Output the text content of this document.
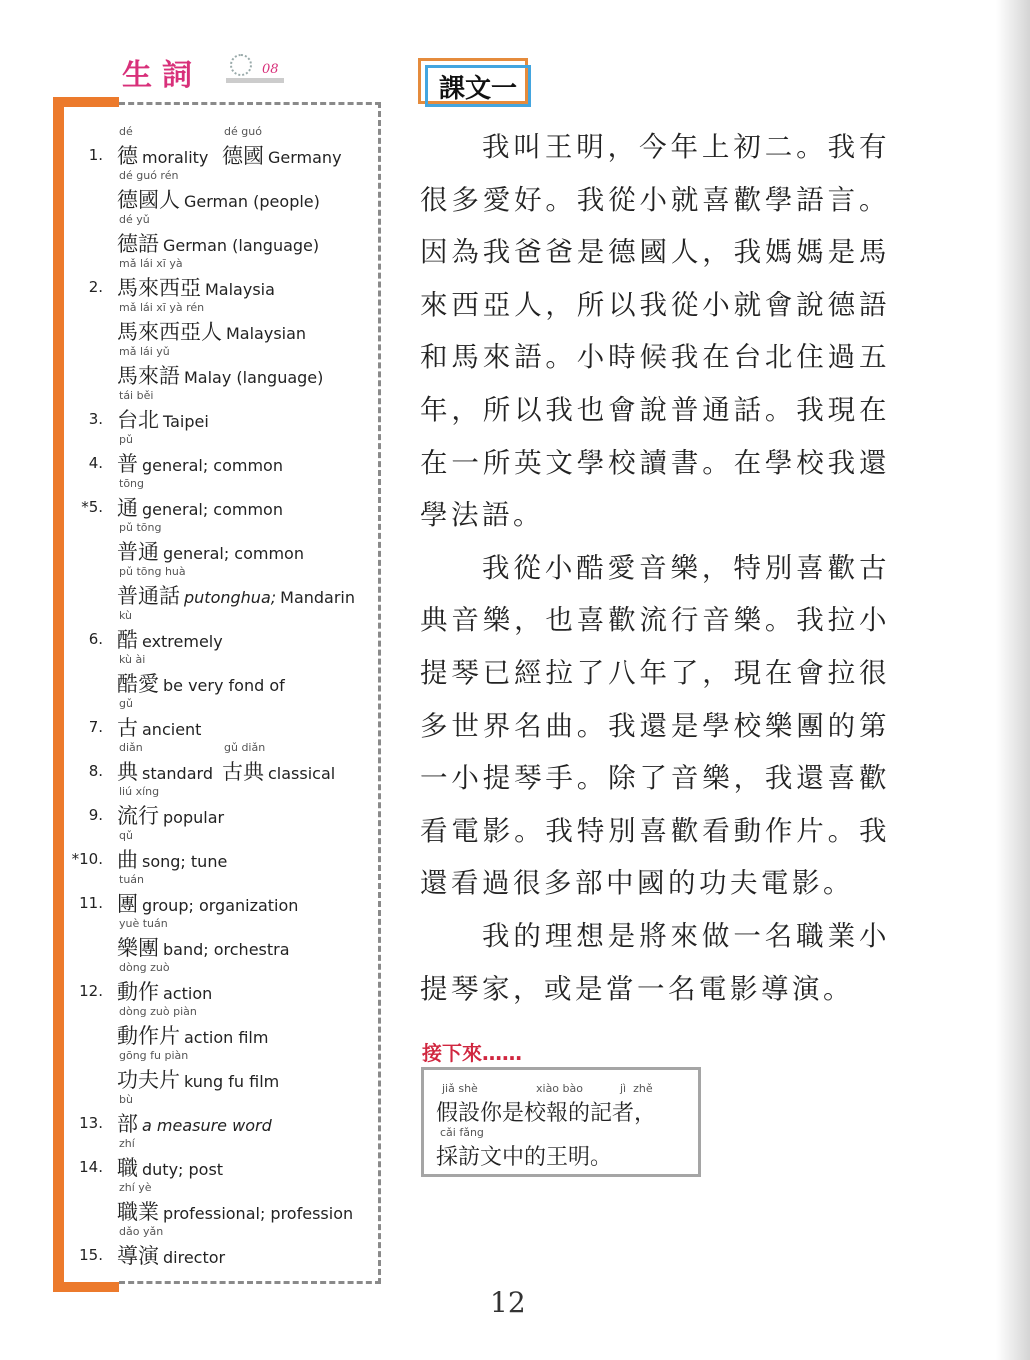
生詞	08
1.
dé
德 morality
dé guó
德國 Germany
dé guó rén
德國人 German (people)
dé yǔ
德語 German (language)
2.
mǎ lái xī yà
馬來西亞 Malaysia
mǎ lái xī yà rén
馬來西亞人 Malaysian
mǎ lái yǔ
馬來語 Malay (language)
3.
tái běi
台北 Taipei
4.
pǔ
普 general; common
*5.
tōng
通 general; common
pǔ tōng
普通 general; common
pǔ tōng huà
普通話 putonghua; Mandarin
6.
kù
酷 extremely
kù ài
酷愛 be very fond of
7.
gǔ
古 ancient
8.
diǎn
典 standard
gǔ diǎn
古典 classical
9.
liú xíng
流行 popular
*10.
qǔ
曲 song; tune
11.
tuán
團 group; organization
yuè tuán
樂團 band; orchestra
12.
dòng zuò
動作 action
dòng zuò piàn
動作片 action film
gōng fu piàn
功夫片 kung fu film
13.
bù
部 a measure word
14.
zhí
職 duty; post
zhí yè
職業 professional; profession
15.
dǎo yǎn
導演 director
課文一

我叫王明，今年上初二。我有很多愛好。我從小就喜歡學語言。因為我爸爸是德國人，我媽媽是馬來西亞人，所以我從小就會說德語和馬來語。小時候我在台北住過五年，所以我也會說普通話。我現在在一所英文學校讀書。在學校我還學法語。

我從小酷愛音樂，特別喜歡古典音樂，也喜歡流行音樂。我拉小提琴已經拉了八年了，現在會拉很多世界名曲。我還是學校樂團的第一小提琴手。除了音樂，我還喜歡看電影。我特別喜歡看動作片。我還看過很多部中國的功夫電影。

我的理想是將來做一名職業小提琴家，或是當一名電影導演。

接下來……
jiǎ shè	xiào bào	jì  zhě
假設你是校報的記者，
cǎi fǎng
採訪文中的王明。
12
